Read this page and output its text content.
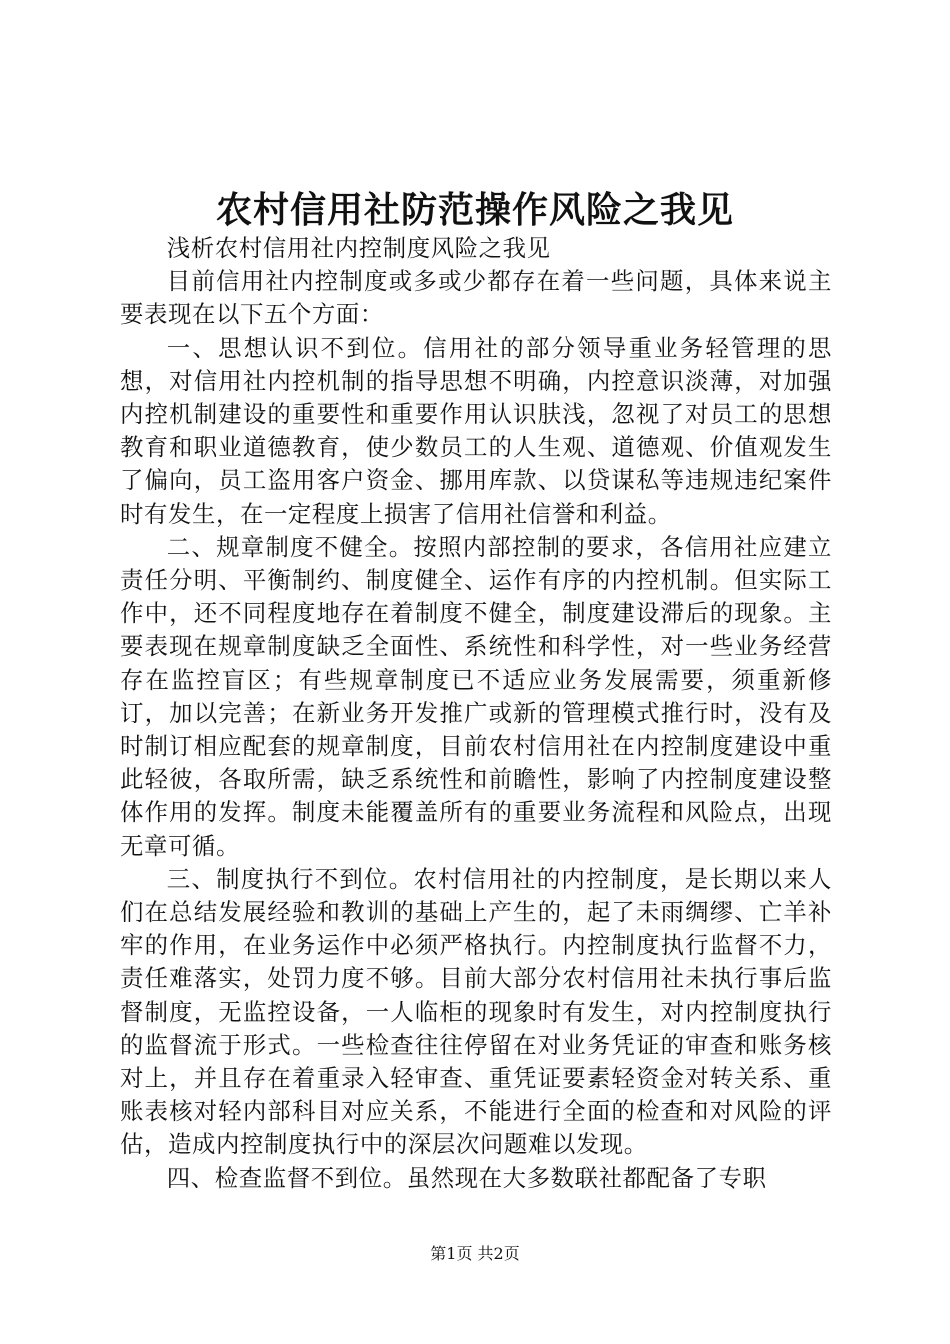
农村信用社防范操作风险之我见

浅析农村信用社内控制度风险之我见

目前信用社内控制度或多或少都存在着一些问题，具体来说主要表现在以下五个方面：

一、思想认识不到位。信用社的部分领导重业务轻管理的思想，对信用社内控机制的指导思想不明确，内控意识淡薄，对加强内控机制建设的重要性和重要作用认识肤浅，忽视了对员工的思想教育和职业道德教育，使少数员工的人生观、道德观、价值观发生了偏向，员工盗用客户资金、挪用库款、以贷谋私等违规违纪案件时有发生，在一定程度上损害了信用社信誉和利益。

二、规章制度不健全。按照内部控制的要求，各信用社应建立责任分明、平衡制约、制度健全、运作有序的内控机制。但实际工作中，还不同程度地存在着制度不健全，制度建设滞后的现象。主要表现在规章制度缺乏全面性、系统性和科学性，对一些业务经营存在监控盲区；有些规章制度已不适应业务发展需要，须重新修订，加以完善；在新业务开发推广或新的管理模式推行时，没有及时制订相应配套的规章制度，目前农村信用社在内控制度建设中重此轻彼，各取所需，缺乏系统性和前瞻性，影响了内控制度建设整体作用的发挥。制度未能覆盖所有的重要业务流程和风险点，出现无章可循。

三、制度执行不到位。农村信用社的内控制度，是长期以来人们在总结发展经验和教训的基础上产生的，起了未雨绸缪、亡羊补牢的作用，在业务运作中必须严格执行。内控制度执行监督不力，责任难落实，处罚力度不够。目前大部分农村信用社未执行事后监督制度，无监控设备，一人临柜的现象时有发生，对内控制度执行的监督流于形式。一些检查往往停留在对业务凭证的审查和账务核对上，并且存在着重录入轻审查、重凭证要素轻资金对转关系、重账表核对轻内部科目对应关系，不能进行全面的检查和对风险的评估，造成内控制度执行中的深层次问题难以发现。

四、检查监督不到位。虽然现在大多数联社都配备了专职

第1页 共2页
